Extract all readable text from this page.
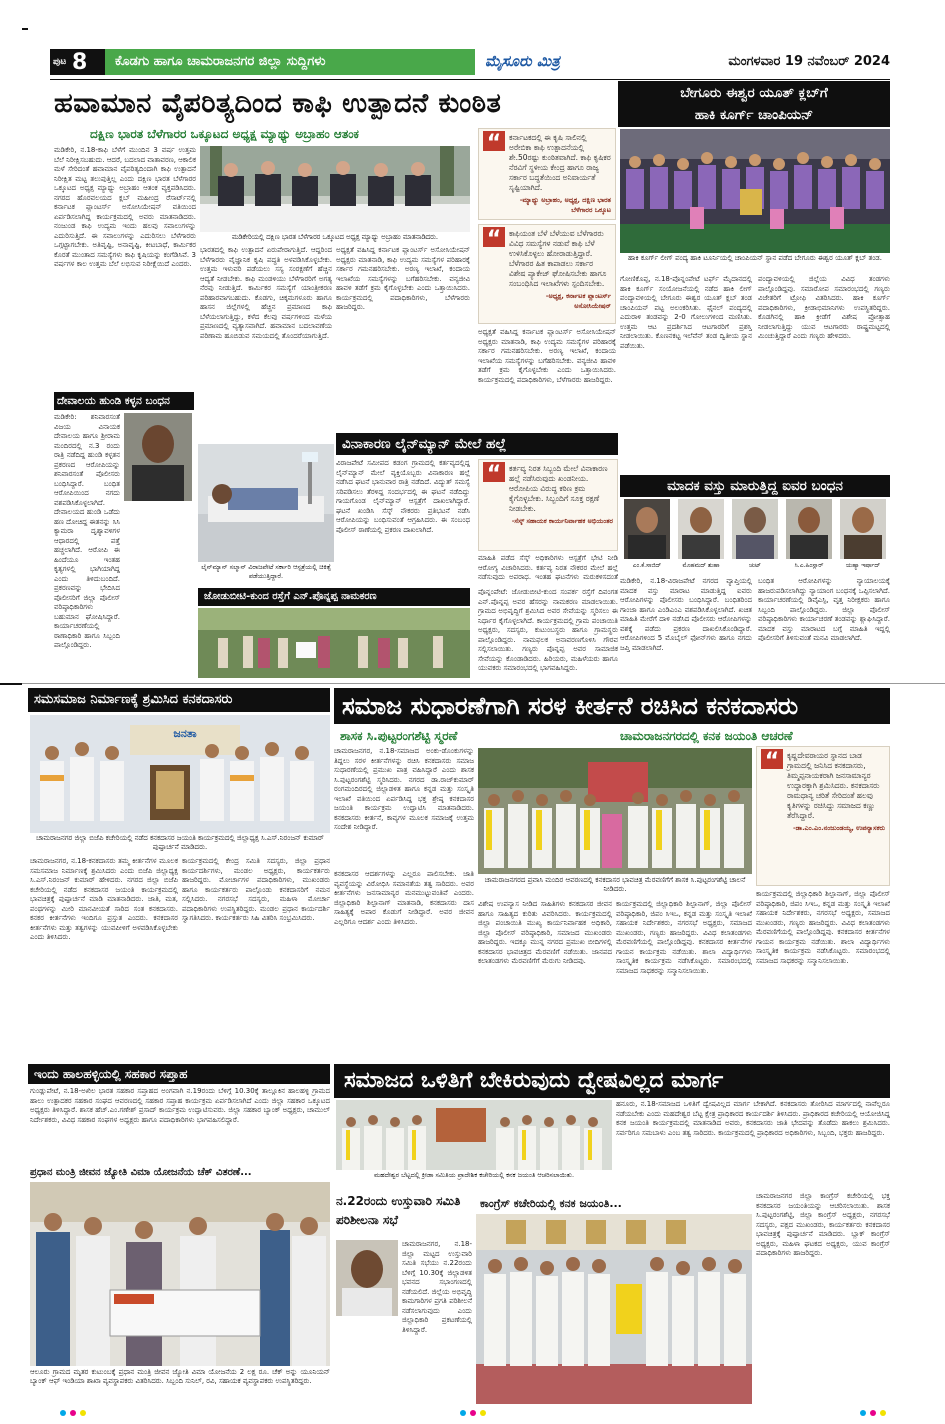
ಪುಟ 8	ಕೊಡಗು ಹಾಗೂ ಚಾಮರಾಜನಗರ ಜಿಲ್ಲಾ ಸುದ್ದಿಗಳು	ಮೈಸೂರು ಮಿತ್ರ	ಮಂಗಳವಾರ 19 ನವೆಂಬರ್ 2024
ಹವಾಮಾನ ವೈಪರಿತ್ಯದಿಂದ ಕಾಫಿ ಉತ್ಪಾದನೆ ಕುಂಠಿತ
ದಕ್ಷಿಣ ಭಾರತ ಬೆಳೆಗಾರರ ಒಕ್ಕೂಟದ ಅಧ್ಯಕ್ಷ ಮ್ಯಾಥ್ಯು ಅಬ್ರಾಹಂ ಆತಂಕ
ಮಡಿಕೇರಿ, ನ.18-ಕಾಫಿ ಬೆಳೆಗೆ ಮುಂದಿನ 3 ವರ್ಷ ಉತ್ತಮ ಬೆಲೆ ನಿರೀಕ್ಷಿಸಬಹುದು. ಆದರೆ, ಬದಲಾದ ವಾತಾವರಣ, ಆಕಾಲಿಕ ಮಳೆ ಸೇರಿದಂತೆ ಹವಾಮಾನ ವೈಪರಿತ್ಯದಿಂದಾಗಿ ಕಾಫಿ ಉತ್ಪಾದನೆ ನಿರೀಕ್ಷಿತ ಮಟ್ಟ ತಲುಪುತ್ತಿಲ್ಲ ಎಂದು ದಕ್ಷಿಣ ಭಾರತ ಬೆಳೆಗಾರರ ಒಕ್ಕೂಟದ ಅಧ್ಯಕ್ಷ ಮ್ಯಾಥ್ಯು ಅಬ್ರಾಹಂ ಆತಂಕ ವ್ಯಕ್ತಪಡಿಸಿದರು. ನಗರದ ಹೊರವಲಯದ ಕ್ಲಬ್ ಮಹೀಂದ್ರ ರೆಸಾರ್ಟ್‌ನಲ್ಲಿ ಕರ್ನಾಟಕ ಪ್ಲಾಂಟರ್ಸ್ ಅಸೋಸಿಯೇಷನ್ ವತಿಯಿಂದ ಏರ್ಪಡಿಸಲಾಗಿದ್ದ ಕಾರ್ಯಕ್ರಮದಲ್ಲಿ ಅವರು ಮಾತನಾಡಿದರು. ನಂಜುಂಡ ಕಾಫಿ ಉದ್ಯಮ ಇಂದು ಹಲವು ಸವಾಲುಗಳನ್ನು ಎದುರಿಸುತ್ತಿದೆ. ಈ ಸವಾಲುಗಳನ್ನು ಎದುರಿಸಲು ಬೆಳೆಗಾರರು ಒಗ್ಗಟ್ಟಾಗಬೇಕು. ಅತಿವೃಷ್ಟಿ, ಅನಾವೃಷ್ಟಿ, ಕೀಟಬಾಧೆ, ಕಾರ್ಮಿಕರ ಕೊರತೆ ಮುಂತಾದ ಸಮಸ್ಯೆಗಳು ಕಾಫಿ ಕೃಷಿಯನ್ನು ಕಂಗೆಡಿಸಿವೆ. 3 ವರ್ಷಗಳ ಕಾಲ ಉತ್ತಮ ಬೆಲೆ ಲಭಿಸುವ ನಿರೀಕ್ಷೆಯಿದೆ ಎಂದರು.
ಮಡಿಕೇರಿಯಲ್ಲಿ ದಕ್ಷಿಣ ಭಾರತ ಬೆಳೆಗಾರರ ಒಕ್ಕೂಟದ ಅಧ್ಯಕ್ಷ ಮ್ಯಾಥ್ಯು ಅಬ್ರಾಹಂ ಮಾತನಾಡಿದರು.
ಭಾರತದಲ್ಲಿ ಕಾಫಿ ಉತ್ಪಾದನೆ ಏರುಪೇರಾಗುತ್ತಿದೆ. ಆದ್ದರಿಂದ ಬೆಳೆಗಾರರು ವೈಜ್ಞಾನಿಕ ಕೃಷಿ ಪದ್ಧತಿ ಅಳವಡಿಸಿಕೊಳ್ಳಬೇಕು. ಉತ್ತಮ ಇಳುವರಿ ಪಡೆಯಲು ಸಸ್ಯ ಸಂರಕ್ಷಣೆಗೆ ಹೆಚ್ಚಿನ ಆದ್ಯತೆ ನೀಡಬೇಕು. ಕಾಫಿ ಮಂಡಳಿಯು ಬೆಳೆಗಾರರಿಗೆ ಅಗತ್ಯ ನೆರವು ನೀಡುತ್ತಿದೆ. ಕಾರ್ಮಿಕರ ಸಮಸ್ಯೆಗೆ ಯಾಂತ್ರೀಕರಣ ಪರಿಹಾರವಾಗಬಹುದು. ಕೊಡಗು, ಚಿಕ್ಕಮಗಳೂರು ಹಾಗೂ ಹಾಸನ ಜಿಲ್ಲೆಗಳಲ್ಲಿ ಹೆಚ್ಚಿನ ಪ್ರಮಾಣದ ಕಾಫಿ ಬೆಳೆಯಲಾಗುತ್ತಿದ್ದು, ಕಳೆದ ಕೆಲವು ವರ್ಷಗಳಿಂದ ಮಳೆಯ ಪ್ರಮಾಣದಲ್ಲಿ ವ್ಯತ್ಯಾಸವಾಗಿದೆ. ಹವಾಮಾನ ಬದಲಾವಣೆಯ ಪರಿಣಾಮ ಹೂಬಿಡುವ ಸಮಯದಲ್ಲಿ ತೊಂದರೆಯಾಗುತ್ತಿದೆ.
ಅಧ್ಯಕ್ಷತೆ ವಹಿಸಿದ್ದ ಕರ್ನಾಟಕ ಪ್ಲಾಂಟರ್ಸ್ ಅಸೋಸಿಯೇಷನ್ ಅಧ್ಯಕ್ಷರು ಮಾತನಾಡಿ, ಕಾಫಿ ಉದ್ಯಮ ಸಮಸ್ಯೆಗಳ ಪರಿಹಾರಕ್ಕೆ ಸರ್ಕಾರ ಗಮನಹರಿಸಬೇಕು. ಅರಣ್ಯ ಇಲಾಖೆ, ಕಂದಾಯ ಇಲಾಖೆಯ ಸಮಸ್ಯೆಗಳನ್ನು ಬಗೆಹರಿಸಬೇಕು. ವನ್ಯಜೀವಿ ಹಾವಳಿ ತಡೆಗೆ ಕ್ರಮ ಕೈಗೊಳ್ಳಬೇಕು ಎಂದು ಒತ್ತಾಯಿಸಿದರು. ಕಾರ್ಯಕ್ರಮದಲ್ಲಿ ಪದಾಧಿಕಾರಿಗಳು, ಬೆಳೆಗಾರರು ಹಾಜರಿದ್ದರು.
“	ಕರ್ನಾಟಕದಲ್ಲಿ ಈ ಕೃಷಿ ಸಾಲಿನಲ್ಲಿ ಅರೇಬಿಕಾ ಕಾಫಿ ಉತ್ಪಾದನೆಯಲ್ಲಿ ಶೇ.50ರಷ್ಟು ಕುಂಠಿತವಾಗಿದೆ. ಕಾಫಿ ಕೃಷಿಕರ ನೆರವಿಗೆ ಸ್ಥಳೀಯ ಕೇಂದ್ರ ಹಾಗೂ ರಾಜ್ಯ ಸರ್ಕಾರ ಬದ್ಧತೆಯಿಂದ ಅನಿವಾರ್ಯತೆ ಸೃಷ್ಟಿಯಾಗಿದೆ.
-ಮ್ಯಾಥ್ಯು ಅಬ್ರಾಹಂ, ಅಧ್ಯಕ್ಷ, ದಕ್ಷಿಣ ಭಾರತ ಬೆಳೆಗಾರರ ಒಕ್ಕೂಟ
“	ಕಾಫಿಯಂತ ಬೆಳೆ ಬೆಳೆಯುವ ಬೆಳೆಗಾರರು ವಿವಿಧ ಸಮಸ್ಯೆಗಳ ನಡುವೆ ಕಾಫಿ ಬೆಳೆ ಉಳಿಸಿಕೊಳ್ಳಲು ಹೋರಾಡುತ್ತಿದ್ದಾರೆ. ಬೆಳೆಗಾರರ ಹಿತ ಕಾಪಾಡಲು ಸರ್ಕಾರ ವಿಶೇಷ ಪ್ಯಾಕೇಜ್ ಘೋಷಿಸಬೇಕು ಹಾಗೂ ಸಂಬಂಧಿಸಿದ ಇಲಾಖೆಗಳು ಸ್ಪಂದಿಸಬೇಕು.
-ಅಧ್ಯಕ್ಷ, ಕರ್ನಾಟಕ ಪ್ಲಾಂಟರ್ಸ್ ಅಸೋಸಿಯೇಷನ್
ಅಧ್ಯಕ್ಷತೆ ವಹಿಸಿದ್ದ ಕರ್ನಾಟಕ ಪ್ಲಾಂಟರ್ಸ್ ಅಸೋಸಿಯೇಷನ್ ಅಧ್ಯಕ್ಷರು ಮಾತನಾಡಿ, ಕಾಫಿ ಉದ್ಯಮ ಸಮಸ್ಯೆಗಳ ಪರಿಹಾರಕ್ಕೆ ಸರ್ಕಾರ ಗಮನಹರಿಸಬೇಕು. ಅರಣ್ಯ ಇಲಾಖೆ, ಕಂದಾಯ ಇಲಾಖೆಯ ಸಮಸ್ಯೆಗಳನ್ನು ಬಗೆಹರಿಸಬೇಕು. ವನ್ಯಜೀವಿ ಹಾವಳಿ ತಡೆಗೆ ಕ್ರಮ ಕೈಗೊಳ್ಳಬೇಕು ಎಂದು ಒತ್ತಾಯಿಸಿದರು. ಕಾರ್ಯಕ್ರಮದಲ್ಲಿ ಪದಾಧಿಕಾರಿಗಳು, ಬೆಳೆಗಾರರು ಹಾಜರಿದ್ದರು.
ಬೇಗೂರು ಈಶ್ವರ ಯೂತ್ ಕ್ಲಬ್‌ಗೆ
ಹಾಕಿ ಕೂರ್ಗ್ ಚಾಂಪಿಯನ್
ಹಾಕಿ ಕೂರ್ಗ್ ಲೀಗ್ ಪಂದ್ಯ ಹಾಕಿ ಟೂರ್ನಿಯಲ್ಲಿ ಚಾಂಪಿಯನ್ ಸ್ಥಾನ ಪಡೆದ ಬೇಗೂರು ಈಶ್ವರ ಯೂತ್ ಕ್ಲಬ್ ತಂಡ.
ಗೋಣಿಕೊಪ್ಪ, ನ.18-ಪೊನ್ನಂಪೇಟೆ ಟರ್ಫ್ ಮೈದಾನದಲ್ಲಿ ಹಾಕಿ ಕೂರ್ಗ್ ಸಂಯೋಜನೆಯಲ್ಲಿ ನಡೆದ ಹಾಕಿ ಲೀಗ್ ಪಂದ್ಯಾವಳಿಯಲ್ಲಿ ಬೇಗೂರು ಈಶ್ವರ ಯೂತ್ ಕ್ಲಬ್ ತಂಡ ಚಾಂಪಿಯನ್ ಪಟ್ಟ ಅಲಂಕರಿಸಿತು. ಫೈನಲ್ ಪಂದ್ಯದಲ್ಲಿ ಎದುರಾಳಿ ತಂಡವನ್ನು 2-0 ಗೋಲುಗಳಿಂದ ಮಣಿಸಿತು. ಉತ್ತಮ ಆಟ ಪ್ರದರ್ಶಿಸಿದ ಆಟಗಾರರಿಗೆ ಪ್ರಶಸ್ತಿ ನೀಡಲಾಯಿತು. ಕೊಣನಕಟ್ಟ ಇಲೆವೆನ್ ತಂಡ ದ್ವಿತೀಯ ಸ್ಥಾನ ಪಡೆಯಿತು.
ಪಂದ್ಯಾವಳಿಯಲ್ಲಿ ಜಿಲ್ಲೆಯ ವಿವಿಧ ತಂಡಗಳು ಪಾಲ್ಗೊಂಡಿದ್ದವು. ಸಮಾರೋಪ ಸಮಾರಂಭದಲ್ಲಿ ಗಣ್ಯರು ವಿಜೇತರಿಗೆ ಟ್ರೋಫಿ ವಿತರಿಸಿದರು. ಹಾಕಿ ಕೂರ್ಗ್ ಪದಾಧಿಕಾರಿಗಳು, ಕ್ರೀಡಾಭಿಮಾನಿಗಳು ಉಪಸ್ಥಿತರಿದ್ದರು. ಕೊಡಗಿನಲ್ಲಿ ಹಾಕಿ ಕ್ರೀಡೆಗೆ ವಿಶೇಷ ಪ್ರೋತ್ಸಾಹ ನೀಡಲಾಗುತ್ತಿದ್ದು ಯುವ ಆಟಗಾರರು ರಾಷ್ಟ್ರಮಟ್ಟದಲ್ಲಿ ಮಿಂಚುತ್ತಿದ್ದಾರೆ ಎಂದು ಗಣ್ಯರು ಹೇಳಿದರು.
ಮಾದಕ ವಸ್ತು ಮಾರುತ್ತಿದ್ದ ಐವರ ಬಂಧನ
ಎಂ.ಕೆ.ಸಾಜಿದ್	ಮೊಹಮದ್ ಶುಹಾ	ಚುಟ್	ಸಿ.ಎ.ಹಿಂಸ್ಲಾರ್	ಯಹ್ಯಾ ಇರ್ಷಾದ್
ಮಡಿಕೇರಿ, ನ.18-ವಿರಾಜಪೇಟೆ ನಗರದ ವ್ಯಾಪ್ತಿಯಲ್ಲಿ ಮಾದಕ ವಸ್ತು ಮಾರಾಟ ಮಾಡುತ್ತಿದ್ದ ಐವರು ಆರೋಪಿಗಳನ್ನು ಪೊಲೀಸರು ಬಂಧಿಸಿದ್ದಾರೆ. ಬಂಧಿತರಿಂದ ಗಾಂಜಾ ಹಾಗೂ ಎಂಡಿಎಂಎ ವಶಪಡಿಸಿಕೊಳ್ಳಲಾಗಿದೆ. ಖಚಿತ ಮಾಹಿತಿ ಮೇರೆಗೆ ದಾಳಿ ನಡೆಸಿದ ಪೊಲೀಸರು ಆರೋಪಿಗಳನ್ನು ವಶಕ್ಕೆ ಪಡೆದು ಪ್ರಕರಣ ದಾಖಲಿಸಿಕೊಂಡಿದ್ದಾರೆ. ಆರೋಪಿಗಳಿಂದ 5 ಮೊಬೈಲ್ ಫೋನ್‌ಗಳು ಹಾಗೂ ನಗದು ಜಪ್ತಿ ಮಾಡಲಾಗಿದೆ.
ಬಂಧಿತ ಆರೋಪಿಗಳನ್ನು ನ್ಯಾಯಾಲಯಕ್ಕೆ ಹಾಜರುಪಡಿಸಲಾಗಿದ್ದು ನ್ಯಾಯಾಂಗ ಬಂಧನಕ್ಕೆ ಒಪ್ಪಿಸಲಾಗಿದೆ. ಕಾರ್ಯಾಚರಣೆಯಲ್ಲಿ ಡಿವೈಎಸ್ಪಿ, ವೃತ್ತ ನಿರೀಕ್ಷಕರು ಹಾಗೂ ಸಿಬ್ಬಂದಿ ಪಾಲ್ಗೊಂಡಿದ್ದರು. ಜಿಲ್ಲಾ ಪೊಲೀಸ್ ವರಿಷ್ಠಾಧಿಕಾರಿಗಳು ಕಾರ್ಯಾಚರಣೆ ತಂಡವನ್ನು ಶ್ಲಾಘಿಸಿದ್ದಾರೆ. ಮಾದಕ ವಸ್ತು ಮಾರಾಟದ ಬಗ್ಗೆ ಮಾಹಿತಿ ಇದ್ದಲ್ಲಿ ಪೊಲೀಸರಿಗೆ ತಿಳಿಸುವಂತೆ ಮನವಿ ಮಾಡಲಾಗಿದೆ.
ದೇವಾಲಯ ಹುಂಡಿ ಕಳ್ಳನ ಬಂಧನ
ಮಡಿಕೇರಿ: ಶನಿವಾರಸಂತೆ ವಿಜಯ ವಿನಾಯಕ ದೇವಾಲಯ ಹಾಗೂ ಶ್ರೀರಾಮ ಮಂದಿರದಲ್ಲಿ ನ.3 ರಂದು ರಾತ್ರಿ ನಡೆದಿದ್ದ ಹುಂಡಿ ಕಳ್ಳತನ ಪ್ರಕರಣದ ಆರೋಪಿಯನ್ನು ಶನಿವಾರಸಂತೆ ಪೊಲೀಸರು ಬಂಧಿಸಿದ್ದಾರೆ. ಬಂಧಿತ ಆರೋಪಿಯಿಂದ ನಗದು ವಶಪಡಿಸಿಕೊಳ್ಳಲಾಗಿದೆ. ದೇವಾಲಯದ ಹುಂಡಿ ಒಡೆದು ಹಣ ದೋಚಿದ್ದ ಈತನನ್ನು ಸಿಸಿ ಕ್ಯಾಮರಾ ದೃಶ್ಯಾವಳಿಗಳ ಆಧಾರದಲ್ಲಿ ಪತ್ತೆ ಹಚ್ಚಲಾಗಿದೆ. ಆರೋಪಿ ಈ ಹಿಂದೆಯೂ ಇಂತಹ ಕೃತ್ಯಗಳಲ್ಲಿ ಭಾಗಿಯಾಗಿದ್ದ ಎಂದು ತಿಳಿದುಬಂದಿದೆ. ಪ್ರಕರಣವನ್ನು ಭೇದಿಸಿದ ಪೊಲೀಸರಿಗೆ ಜಿಲ್ಲಾ ಪೊಲೀಸ್ ವರಿಷ್ಠಾಧಿಕಾರಿಗಳು ಬಹುಮಾನ ಘೋಷಿಸಿದ್ದಾರೆ. ಕಾರ್ಯಾಚರಣೆಯಲ್ಲಿ ಠಾಣಾಧಿಕಾರಿ ಹಾಗೂ ಸಿಬ್ಬಂದಿ ಪಾಲ್ಗೊಂಡಿದ್ದರು.
ಲೈನ್‌ಮ್ಯಾನ್ ಸಲ್ಮಾನ್ ವಿರಾಜಪೇಟೆ ಸರ್ಕಾರಿ ಆಸ್ಪತ್ರೆಯಲ್ಲಿ ಚಿಕಿತ್ಸೆ ಪಡೆಯುತ್ತಿದ್ದಾರೆ.
ವಿನಾಕಾರಣ ಲೈನ್‌ಮ್ಯಾನ್ ಮೇಲೆ ಹಲ್ಲೆ
ವಿರಾಜಪೇಟೆ ಸಮೀಪದ ಕಡಂಗ ಗ್ರಾಮದಲ್ಲಿ ಕರ್ತವ್ಯದಲ್ಲಿದ್ದ ಲೈನ್‌ಮ್ಯಾನ್ ಮೇಲೆ ವ್ಯಕ್ತಿಯೊಬ್ಬರು ವಿನಾಕಾರಣ ಹಲ್ಲೆ ನಡೆಸಿದ ಘಟನೆ ಭಾನುವಾರ ರಾತ್ರಿ ನಡೆದಿದೆ. ವಿದ್ಯುತ್ ಸಮಸ್ಯೆ ಸರಿಪಡಿಸಲು ತೆರಳಿದ್ದ ಸಂದರ್ಭದಲ್ಲಿ ಈ ಘಟನೆ ನಡೆದಿದ್ದು ಗಾಯಗೊಂಡ ಲೈನ್‌ಮ್ಯಾನ್ ಆಸ್ಪತ್ರೆಗೆ ದಾಖಲಾಗಿದ್ದಾರೆ. ಘಟನೆ ಖಂಡಿಸಿ ಸೆಸ್ಕ್ ನೌಕರರು ಪ್ರತಿಭಟನೆ ನಡೆಸಿ ಆರೋಪಿಯನ್ನು ಬಂಧಿಸುವಂತೆ ಆಗ್ರಹಿಸಿದರು. ಈ ಸಂಬಂಧ ಪೊಲೀಸ್ ಠಾಣೆಯಲ್ಲಿ ಪ್ರಕರಣ ದಾಖಲಾಗಿದೆ.
“	ಕರ್ತವ್ಯ ನಿರತ ಸಿಬ್ಬಂದಿ ಮೇಲೆ ವಿನಾಕಾರಣ ಹಲ್ಲೆ ನಡೆಸಿರುವುದು ಖಂಡನೀಯ. ಆರೋಪಿಯ ವಿರುದ್ಧ ಕಠಿಣ ಕ್ರಮ ಕೈಗೊಳ್ಳಬೇಕು. ಸಿಬ್ಬಂದಿಗೆ ಸೂಕ್ತ ರಕ್ಷಣೆ ನೀಡಬೇಕು.
-ಸೆಸ್ಕ್ ಸಹಾಯಕ ಕಾರ್ಯನಿರ್ವಾಹಕ ಅಭಿಯಂತರ
ಮಾಹಿತಿ ಪಡೆದ ಸೆಸ್ಕ್ ಅಧಿಕಾರಿಗಳು ಆಸ್ಪತ್ರೆಗೆ ಭೇಟಿ ನೀಡಿ ಆರೋಗ್ಯ ವಿಚಾರಿಸಿದರು. ಕರ್ತವ್ಯ ನಿರತ ನೌಕರರ ಮೇಲೆ ಹಲ್ಲೆ ನಡೆಸುವುದು ಅಪರಾಧ. ಇಂತಹ ಘಟನೆಗಳು ಮರುಕಳಿಸದಂತೆ
ಜೋಡುಬೀಟಿ-ಕುಂದ ರಸ್ತೆಗೆ ಎನ್.ಪೊನ್ನಪ್ಪ ನಾಮಕರಣ	ಪೊನ್ನಂಪೇಟೆ: ಜೋಡುಬೀಟಿ-ಕುಂದ ಸಂಪರ್ಕ ರಸ್ತೆಗೆ ದಿವಂಗತ ಎನ್.ಪೊನ್ನಪ್ಪ ಅವರ ಹೆಸರನ್ನು ನಾಮಕರಣ ಮಾಡಲಾಯಿತು. ಗ್ರಾಮದ ಅಭಿವೃದ್ಧಿಗೆ ಶ್ರಮಿಸಿದ ಅವರ ಸೇವೆಯನ್ನು ಸ್ಮರಿಸಲು ಈ ನಿರ್ಧಾರ ಕೈಗೊಳ್ಳಲಾಗಿದೆ. ಕಾರ್ಯಕ್ರಮದಲ್ಲಿ ಗ್ರಾಮ ಪಂಚಾಯಿತಿ ಅಧ್ಯಕ್ಷರು, ಸದಸ್ಯರು, ಕುಟುಂಬಸ್ಥರು ಹಾಗೂ ಗ್ರಾಮಸ್ಥರು ಪಾಲ್ಗೊಂಡಿದ್ದರು. ನಾಮಫಲಕ ಅನಾವರಣಗೊಳಿಸಿ ಗೌರವ ಸಲ್ಲಿಸಲಾಯಿತು. ಗಣ್ಯರು ಪೊನ್ನಪ್ಪ ಅವರ ಸಾಮಾಜಿಕ ಸೇವೆಯನ್ನು ಕೊಂಡಾಡಿದರು. ಹಿರಿಯರು, ಮಹಿಳೆಯರು ಹಾಗೂ ಯುವಕರು ಸಮಾರಂಭದಲ್ಲಿ ಭಾಗವಹಿಸಿದ್ದರು.
ಸಮಸಮಾಜ ನಿರ್ಮಾಣಕ್ಕೆ ಶ್ರಮಿಸಿದ ಕನಕದಾಸರು
ಜನತಾ
ಚಾಮರಾಜನಗರ ಜಿಲ್ಲಾ ಬಿಜೆಪಿ ಕಚೇರಿಯಲ್ಲಿ ನಡೆದ ಕನಕದಾಸರ ಜಯಂತಿ ಕಾರ್ಯಕ್ರಮದಲ್ಲಿ ಜಿಲ್ಲಾಧ್ಯಕ್ಷ ಸಿ.ಎಸ್.ನಿರಂಜನ್ ಕುಮಾರ್ ಪುಷ್ಪಾರ್ಚನೆ ಮಾಡಿದರು.
ಚಾಮರಾಜನಗರ, ನ.18-ಕನಕದಾಸರು ತಮ್ಮ ಕೀರ್ತನೆಗಳ ಮೂಲಕ ಸಮಸಮಾಜ ನಿರ್ಮಾಣಕ್ಕೆ ಶ್ರಮಿಸಿದರು ಎಂದು ಬಿಜೆಪಿ ಜಿಲ್ಲಾಧ್ಯಕ್ಷ ಸಿ.ಎಸ್.ನಿರಂಜನ್ ಕುಮಾರ್ ಹೇಳಿದರು. ನಗರದ ಜಿಲ್ಲಾ ಬಿಜೆಪಿ ಕಚೇರಿಯಲ್ಲಿ ನಡೆದ ಕನಕದಾಸರ ಜಯಂತಿ ಕಾರ್ಯಕ್ರಮದಲ್ಲಿ ಭಾವಚಿತ್ರಕ್ಕೆ ಪುಷ್ಪಾರ್ಚನೆ ಮಾಡಿ ಮಾತನಾಡಿದರು. ಜಾತಿ, ಮತ, ಪಂಥಗಳನ್ನು ಮೀರಿ ಮಾನವೀಯತೆ ಸಾರಿದ ಸಂತ ಕನಕದಾಸರು. ಕನಕರ ಕೀರ್ತನೆಗಳು ಇಂದಿಗೂ ಪ್ರಸ್ತುತ ಎಂದರು. ಕನಕದಾಸರ ಕೀರ್ತನೆಗಳು ಮತ್ತು ತತ್ವಗಳನ್ನು ಯುವಪೀಳಿಗೆ ಅಳವಡಿಸಿಕೊಳ್ಳಬೇಕು ಎಂದು ತಿಳಿಸಿದರು.
ಕಾರ್ಯಕ್ರಮದಲ್ಲಿ ಕೇಂದ್ರ ಸಮಿತಿ ಸದಸ್ಯರು, ಜಿಲ್ಲಾ ಪ್ರಧಾನ ಕಾರ್ಯದರ್ಶಿಗಳು, ಮಂಡಲ ಅಧ್ಯಕ್ಷರು, ಕಾರ್ಯಕರ್ತರು ಹಾಜರಿದ್ದರು. ಮೋರ್ಚಾಗಳ ಪದಾಧಿಕಾರಿಗಳು, ಮುಖಂಡರು ಹಾಗೂ ಕಾರ್ಯಕರ್ತರು ಪಾಲ್ಗೊಂಡು ಕನಕದಾಸರಿಗೆ ನಮನ ಸಲ್ಲಿಸಿದರು. ನಗರಸಭೆ ಸದಸ್ಯರು, ಮಹಿಳಾ ಮೋರ್ಚಾ ಪದಾಧಿಕಾರಿಗಳು ಉಪಸ್ಥಿತರಿದ್ದರು. ಮಂಡಲ ಪ್ರಧಾನ ಕಾರ್ಯದರ್ಶಿ ಸ್ವಾಗತಿಸಿದರು. ಕಾರ್ಯಕರ್ತರು ಸಿಹಿ ವಿತರಿಸಿ ಸಂಭ್ರಮಿಸಿದರು.
ಸಮಾಜ ಸುಧಾರಣೆಗಾಗಿ ಸರಳ ಕೀರ್ತನೆ ರಚಿಸಿದ ಕನಕದಾಸರು
ಶಾಸಕ ಸಿ.ಪುಟ್ಟರಂಗಶೆಟ್ಟಿ ಸ್ಮರಣೆ	ಚಾಮರಾಜನಗರದಲ್ಲಿ ಕನಕ ಜಯಂತಿ ಆಚರಣೆ
ಚಾಮರಾಜನಗರ, ನ.18-ಸಮಾಜದ ಅಂಕು-ಡೊಂಕುಗಳನ್ನು ತಿದ್ದಲು ಸರಳ ಕೀರ್ತನೆಗಳನ್ನು ರಚಿಸಿ ಕನಕದಾಸರು ಸಮಾಜ ಸುಧಾರಣೆಯಲ್ಲಿ ಪ್ರಮುಖ ಪಾತ್ರ ವಹಿಸಿದ್ದಾರೆ ಎಂದು ಶಾಸಕ ಸಿ.ಪುಟ್ಟರಂಗಶೆಟ್ಟಿ ಸ್ಮರಿಸಿದರು. ನಗರದ ಡಾ.ರಾಜ್‌ಕುಮಾರ್ ರಂಗಮಂದಿರದಲ್ಲಿ ಜಿಲ್ಲಾಡಳಿತ ಹಾಗೂ ಕನ್ನಡ ಮತ್ತು ಸಂಸ್ಕೃತಿ ಇಲಾಖೆ ವತಿಯಿಂದ ಏರ್ಪಡಿಸಿದ್ದ ಭಕ್ತ ಶ್ರೇಷ್ಠ ಕನಕದಾಸರ ಜಯಂತಿ ಕಾರ್ಯಕ್ರಮ ಉದ್ಘಾಟಿಸಿ ಮಾತನಾಡಿದರು. ಕನಕದಾಸರು ಕೀರ್ತನೆ, ಕಾವ್ಯಗಳ ಮೂಲಕ ಸಮಾಜಕ್ಕೆ ಉತ್ತಮ ಸಂದೇಶ ನೀಡಿದ್ದಾರೆ.
ಚಾಮರಾಜನಗರದ ಪ್ರವಾಸಿ ಮಂದಿರ ಆವರಣದಲ್ಲಿ ಕನಕದಾಸರ ಭಾವಚಿತ್ರ ಮೆರವಣಿಗೆಗೆ ಶಾಸಕ ಸಿ.ಪುಟ್ಟರಂಗಶೆಟ್ಟಿ ಚಾಲನೆ ನೀಡಿದರು.
“	ಕೃಷ್ಣದೇವರಾಯರ ಸ್ಥಾನದ ಬಾಡ ಗ್ರಾಮದಲ್ಲಿ ಜನಿಸಿದ ಕನಕದಾಸರು, ತಿಮ್ಮಪ್ಪನಾಯಕರಾಗಿ ಜನಸಾಮಾನ್ಯರ ಉದ್ಧಾರಕ್ಕಾಗಿ ಶ್ರಮಿಸಿದರು. ಕನಕದಾಸರು ರಾಮಧಾನ್ಯ ಚರಿತೆ ಸೇರಿದಂತೆ ಹಲವು ಕೃತಿಗಳನ್ನು ರಚಿಸಿದ್ದು ಸಮಾಜದ ಕಣ್ಣು ತೆರೆಸಿದ್ದಾರೆ.
-ಡಾ.ಎಂ.ಎಂ.ನಂಜುಂಡಯ್ಯ, ಉಪನ್ಯಾಸಕರು
ಕನಕದಾಸರ ಆದರ್ಶಗಳನ್ನು ಎಲ್ಲರೂ ಪಾಲಿಸಬೇಕು. ಜಾತಿ ವ್ಯವಸ್ಥೆಯನ್ನು ವಿರೋಧಿಸಿ ಸಮಾನತೆಯ ತತ್ವ ಸಾರಿದರು. ಅವರ ಕೀರ್ತನೆಗಳು ಜನಸಾಮಾನ್ಯರ ಮನಮುಟ್ಟುವಂತಿವೆ ಎಂದರು. ಜಿಲ್ಲಾಧಿಕಾರಿ ಶಿಲ್ಪಾನಾಗ್ ಮಾತನಾಡಿ, ಕನಕದಾಸರು ದಾಸ ಸಾಹಿತ್ಯಕ್ಕೆ ಅಪಾರ ಕೊಡುಗೆ ನೀಡಿದ್ದಾರೆ. ಅವರ ಜೀವನ ಎಲ್ಲರಿಗೂ ಆದರ್ಶ ಎಂದು ತಿಳಿಸಿದರು.
ವಿಶೇಷ ಉಪನ್ಯಾಸ ನೀಡಿದ ಸಾಹಿತಿಗಳು ಕನಕದಾಸರ ಜೀವನ ಹಾಗೂ ಸಾಹಿತ್ಯದ ಕುರಿತು ವಿವರಿಸಿದರು. ಕಾರ್ಯಕ್ರಮದಲ್ಲಿ ಜಿಲ್ಲಾ ಪಂಚಾಯಿತಿ ಮುಖ್ಯ ಕಾರ್ಯನಿರ್ವಾಹಕ ಅಧಿಕಾರಿ, ಜಿಲ್ಲಾ ಪೊಲೀಸ್ ವರಿಷ್ಠಾಧಿಕಾರಿ, ಸಮಾಜದ ಮುಖಂಡರು ಹಾಜರಿದ್ದರು. ಇದಕ್ಕೂ ಮುನ್ನ ನಗರದ ಪ್ರಮುಖ ಬೀದಿಗಳಲ್ಲಿ ಕನಕದಾಸರ ಭಾವಚಿತ್ರದ ಮೆರವಣಿಗೆ ನಡೆಯಿತು. ಜಾನಪದ ಕಲಾತಂಡಗಳು ಮೆರವಣಿಗೆಗೆ ಮೆರುಗು ನೀಡಿದವು.
ಕಾರ್ಯಕ್ರಮದಲ್ಲಿ ಜಿಲ್ಲಾಧಿಕಾರಿ ಶಿಲ್ಪಾನಾಗ್, ಜಿಲ್ಲಾ ಪೊಲೀಸ್ ವರಿಷ್ಠಾಧಿಕಾರಿ, ಜಿಪಂ ಸಿಇಒ, ಕನ್ನಡ ಮತ್ತು ಸಂಸ್ಕೃತಿ ಇಲಾಖೆ ಸಹಾಯಕ ನಿರ್ದೇಶಕರು, ನಗರಸಭೆ ಅಧ್ಯಕ್ಷರು, ಸಮಾಜದ ಮುಖಂಡರು, ಗಣ್ಯರು ಹಾಜರಿದ್ದರು. ವಿವಿಧ ಕಲಾತಂಡಗಳು ಮೆರವಣಿಗೆಯಲ್ಲಿ ಪಾಲ್ಗೊಂಡಿದ್ದವು. ಕನಕದಾಸರ ಕೀರ್ತನೆಗಳ ಗಾಯನ ಕಾರ್ಯಕ್ರಮ ನಡೆಯಿತು. ಶಾಲಾ ವಿದ್ಯಾರ್ಥಿಗಳು ಸಾಂಸ್ಕೃತಿಕ ಕಾರ್ಯಕ್ರಮ ನಡೆಸಿಕೊಟ್ಟರು. ಸಮಾರಂಭದಲ್ಲಿ ಸಮಾಜದ ಸಾಧಕರನ್ನು ಸನ್ಮಾನಿಸಲಾಯಿತು.
ಕಾರ್ಯಕ್ರಮದಲ್ಲಿ ಜಿಲ್ಲಾಧಿಕಾರಿ ಶಿಲ್ಪಾನಾಗ್, ಜಿಲ್ಲಾ ಪೊಲೀಸ್ ವರಿಷ್ಠಾಧಿಕಾರಿ, ಜಿಪಂ ಸಿಇಒ, ಕನ್ನಡ ಮತ್ತು ಸಂಸ್ಕೃತಿ ಇಲಾಖೆ ಸಹಾಯಕ ನಿರ್ದೇಶಕರು, ನಗರಸಭೆ ಅಧ್ಯಕ್ಷರು, ಸಮಾಜದ ಮುಖಂಡರು, ಗಣ್ಯರು ಹಾಜರಿದ್ದರು. ವಿವಿಧ ಕಲಾತಂಡಗಳು ಮೆರವಣಿಗೆಯಲ್ಲಿ ಪಾಲ್ಗೊಂಡಿದ್ದವು. ಕನಕದಾಸರ ಕೀರ್ತನೆಗಳ ಗಾಯನ ಕಾರ್ಯಕ್ರಮ ನಡೆಯಿತು. ಶಾಲಾ ವಿದ್ಯಾರ್ಥಿಗಳು ಸಾಂಸ್ಕೃತಿಕ ಕಾರ್ಯಕ್ರಮ ನಡೆಸಿಕೊಟ್ಟರು. ಸಮಾರಂಭದಲ್ಲಿ ಸಮಾಜದ ಸಾಧಕರನ್ನು ಸನ್ಮಾನಿಸಲಾಯಿತು.
ಇಂದು ಹಾಲಹಳ್ಳಿಯಲ್ಲಿ ಸಹಕಾರ ಸಪ್ತಾಹ
ಗುಂಡ್ಲುಪೇಟೆ, ನ.18-ಅಖಿಲ ಭಾರತ ಸಹಕಾರ ಸಪ್ತಾಹದ ಅಂಗವಾಗಿ ನ.19ರಂದು ಬೆಳಿಗ್ಗೆ 10.30ಕ್ಕೆ ತಾಲ್ಲೂಕಿನ ಹಾಲಹಳ್ಳಿ ಗ್ರಾಮದ ಹಾಲು ಉತ್ಪಾದಕರ ಸಹಕಾರ ಸಂಘದ ಆವರಣದಲ್ಲಿ ಸಹಕಾರ ಸಪ್ತಾಹ ಕಾರ್ಯಕ್ರಮ ಏರ್ಪಡಿಸಲಾಗಿದೆ ಎಂದು ಜಿಲ್ಲಾ ಸಹಕಾರ ಒಕ್ಕೂಟದ ಅಧ್ಯಕ್ಷರು ತಿಳಿಸಿದ್ದಾರೆ. ಶಾಸಕ ಹೆಚ್.ಎಂ.ಗಣೇಶ್ ಪ್ರಸಾದ್ ಕಾರ್ಯಕ್ರಮ ಉದ್ಘಾಟಿಸುವರು. ಜಿಲ್ಲಾ ಸಹಕಾರ ಬ್ಯಾಂಕ್ ಅಧ್ಯಕ್ಷರು, ಚಾಮುಲ್ ನಿರ್ದೇಶಕರು, ವಿವಿಧ ಸಹಕಾರ ಸಂಘಗಳ ಅಧ್ಯಕ್ಷರು ಹಾಗೂ ಪದಾಧಿಕಾರಿಗಳು ಭಾಗವಹಿಸಲಿದ್ದಾರೆ.
ಪ್ರಧಾನ ಮಂತ್ರಿ ಜೀವನ ಜ್ಯೋತಿ ವಿಮಾ ಯೋಜನೆಯ ಚೆಕ್ ವಿತರಣೆ...
ಆಲೂರು ಗ್ರಾಮದ ಮೃತರ ಕುಟುಂಬಕ್ಕೆ ಪ್ರಧಾನ ಮಂತ್ರಿ ಜೀವನ ಜ್ಯೋತಿ ವಿಮಾ ಯೋಜನೆಯ 2 ಲಕ್ಷ ರೂ. ಚೆಕ್ ಅನ್ನು ಯೂನಿಯನ್ ಬ್ಯಾಂಕ್ ಆಫ್ ಇಂಡಿಯಾ ಶಾಖಾ ವ್ಯವಸ್ಥಾಪಕರು ವಿತರಿಸಿದರು. ಸಿಬ್ಬಂದಿ ಸುನಿಲ್, ರವಿ, ಸಹಾಯಕ ವ್ಯವಸ್ಥಾಪಕರು ಉಪಸ್ಥಿತರಿದ್ದರು.
ಸಮಾಜದ ಒಳಿತಿಗೆ ಬೇಕಿರುವುದು ದ್ವೇಷವಿಲ್ಲದ ಮಾರ್ಗ
ಮಹದೇಶ್ವರ ಬೆಟ್ಟದಲ್ಲಿ ಕ್ರೀಡಾ ಸಮಿತಿಯ ಪ್ರಾದೇಶಿಕ ಕಚೇರಿಯಲ್ಲಿ ಕನಕ ಜಯಂತಿ ಆಚರಿಸಲಾಯಿತು.
ಹನೂರು, ನ.18-ಸಮಾಜದ ಒಳಿತಿಗೆ ದ್ವೇಷವಿಲ್ಲದ ಮಾರ್ಗ ಬೇಕಾಗಿದೆ. ಕನಕದಾಸರು ತೋರಿಸಿದ ಮಾರ್ಗದಲ್ಲಿ ನಾವೆಲ್ಲರೂ ನಡೆಯಬೇಕು ಎಂದು ಮಹದೇಶ್ವರ ಬೆಟ್ಟ ಕ್ಷೇತ್ರ ಪ್ರಾಧಿಕಾರದ ಕಾರ್ಯದರ್ಶಿ ತಿಳಿಸಿದರು. ಪ್ರಾಧಿಕಾರದ ಕಚೇರಿಯಲ್ಲಿ ಆಯೋಜಿಸಿದ್ದ ಕನಕ ಜಯಂತಿ ಕಾರ್ಯಕ್ರಮದಲ್ಲಿ ಮಾತನಾಡಿದ ಅವರು, ಕನಕದಾಸರು ಜಾತಿ ಭೇದವನ್ನು ತೊಡೆದು ಹಾಕಲು ಶ್ರಮಿಸಿದರು. ಸರ್ವರಿಗೂ ಸಮಬಾಳು ಎಂಬ ತತ್ವ ಸಾರಿದರು. ಕಾರ್ಯಕ್ರಮದಲ್ಲಿ ಪ್ರಾಧಿಕಾರದ ಅಧಿಕಾರಿಗಳು, ಸಿಬ್ಬಂದಿ, ಭಕ್ತರು ಹಾಜರಿದ್ದರು.
ನ.22ರಂದು ಉಸ್ತುವಾರಿ ಸಮಿತಿ ಪರಿಶೀಲನಾ ಸಭೆ
ಚಾಮರಾಜನಗರ, ನ.18- ಜಿಲ್ಲಾ ಮಟ್ಟದ ಉಸ್ತುವಾರಿ ಸಮಿತಿ ಸಭೆಯು ನ.22ರಂದು ಬೆಳಿಗ್ಗೆ 10.30ಕ್ಕೆ ಜಿಲ್ಲಾಡಳಿತ ಭವನದ ಸಭಾಂಗಣದಲ್ಲಿ ನಡೆಯಲಿದೆ. ಜಿಲ್ಲೆಯ ಅಭಿವೃದ್ಧಿ ಕಾಮಗಾರಿಗಳ ಪ್ರಗತಿ ಪರಿಶೀಲನೆ ನಡೆಸಲಾಗುವುದು ಎಂದು ಜಿಲ್ಲಾಧಿಕಾರಿ ಪ್ರಕಟಣೆಯಲ್ಲಿ ತಿಳಿಸಿದ್ದಾರೆ.
ಕಾಂಗ್ರೆಸ್ ಕಚೇರಿಯಲ್ಲಿ ಕನಕ ಜಯಂತಿ...
ಚಾಮರಾಜನಗರ ಜಿಲ್ಲಾ ಕಾಂಗ್ರೆಸ್ ಕಚೇರಿಯಲ್ಲಿ ಭಕ್ತ ಕನಕದಾಸರ ಜಯಂತಿಯನ್ನು ಆಚರಿಸಲಾಯಿತು. ಶಾಸಕ ಸಿ.ಪುಟ್ಟರಂಗಶೆಟ್ಟಿ, ಜಿಲ್ಲಾ ಕಾಂಗ್ರೆಸ್ ಅಧ್ಯಕ್ಷರು, ನಗರಸಭೆ ಸದಸ್ಯರು, ಪಕ್ಷದ ಮುಖಂಡರು, ಕಾರ್ಯಕರ್ತರು ಕನಕದಾಸರ ಭಾವಚಿತ್ರಕ್ಕೆ ಪುಷ್ಪಾರ್ಚನೆ ಮಾಡಿದರು. ಬ್ಲಾಕ್ ಕಾಂಗ್ರೆಸ್ ಅಧ್ಯಕ್ಷರು, ಮಹಿಳಾ ಘಟಕದ ಅಧ್ಯಕ್ಷರು, ಯುವ ಕಾಂಗ್ರೆಸ್ ಪದಾಧಿಕಾರಿಗಳು ಹಾಜರಿದ್ದರು.
